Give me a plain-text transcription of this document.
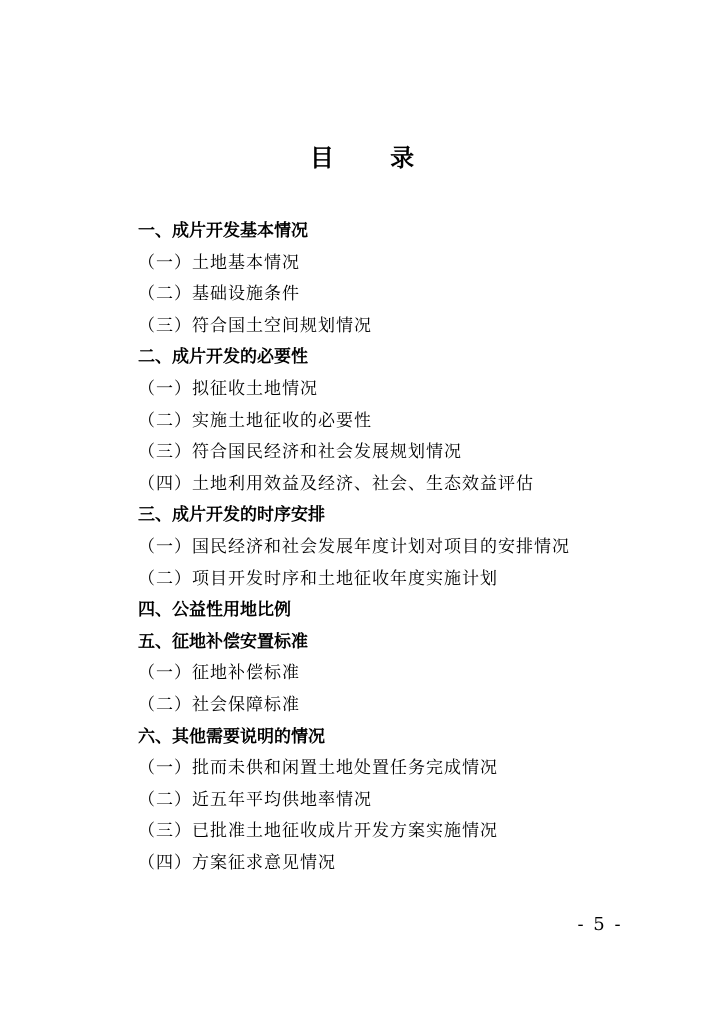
目 录
一、成片开发基本情况
（一）土地基本情况
（二）基础设施条件
（三）符合国土空间规划情况
二、成片开发的必要性
（一）拟征收土地情况
（二）实施土地征收的必要性
（三）符合国民经济和社会发展规划情况
（四）土地利用效益及经济、社会、生态效益评估
三、成片开发的时序安排
（一）国民经济和社会发展年度计划对项目的安排情况
（二）项目开发时序和土地征收年度实施计划
四、公益性用地比例
五、征地补偿安置标准
（一）征地补偿标准
（二）社会保障标准
六、其他需要说明的情况
（一）批而未供和闲置土地处置任务完成情况
（二）近五年平均供地率情况
（三）已批准土地征收成片开发方案实施情况
（四）方案征求意见情况
- 5 -
